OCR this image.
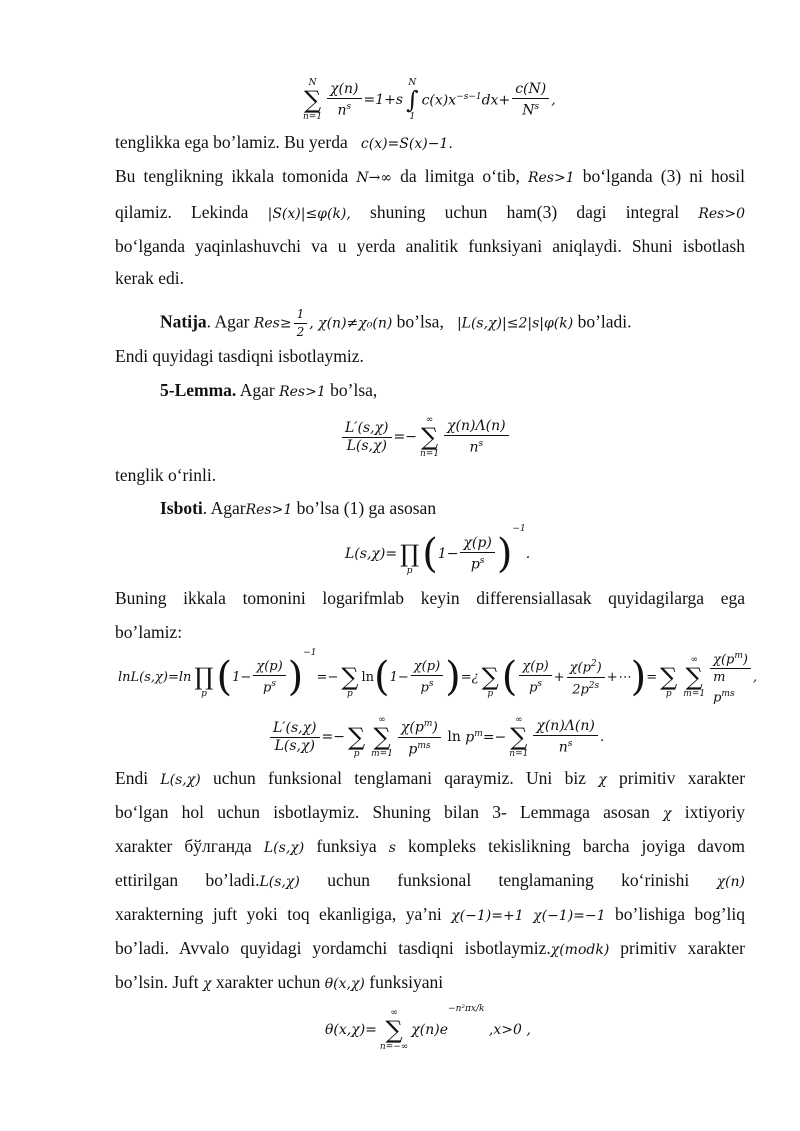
N
∑
$n=1 \frac{\chi(n)}{n^s} =1+s$
N
∫
1
$c(x)x^{-s-1}dx+ \frac{c(N)}{N^s}$ ,
tenglikka ega bo’lamiz. Bu yerda c(x)=S(x)−1.
Bu tenglikning ikkala tomonida N→∞ da limitga oʻtib, Res>1 boʻlganda (3) ni hosil
qilamiz. Lekinda |S(x)|≤φ(k), shuning uchun ham(3) dagi integral Res>0
boʻlganda yaqinlashuvchi va u yerda analitik funksiyani aniqlaydi. Shuni isbotlash
kerak edi.
Natija. Agar $Res\ge \frac{1}{2}$ , χ(n)≠χ₀(n) bo’lsa, |L(s,χ)|≤2|s|φ(k) bo’ladi.
Endi quyidagi tasdiqni isbotlaymiz.
5-Lemma. Agar Res>1 bo’lsa,
$\frac{L'(s,\chi)}{L(s,\chi)}$ =−
∞
∑
$n=1 \frac{\chi(n)\Lambda(n)}{n^s}$
tenglik oʻrinli.
Isboti. AgarRes>1 bo’lsa (1) ga asosan
L(s,χ)=
∏
p ( $1- \frac{\chi(p)}{p^s}$ )
−1
.
Buning ikkala tomonini logarifmlab keyin differensiallasak quyidagilarga ega
bo’lamiz:
lnL(s,χ)=ln
∏
p ( $1- \frac{\chi(p)}{p^s}$ )
$^{-1}$
=−
∑
p
ln ( $1- \frac{\chi(p)}{p^s}$ ) =¿
∑
p ( $\frac{\chi(p)}{p^s} + \frac{\chi(p^2)}{2p^{2s}}$ +⋯ ) =
∑
p
∞
∑
$m=1 \frac{\chi(p^m)}{m p^{ms}}$ ,
$\frac{L'(s,\chi)}{L(s,\chi)}$ =−
∑
p
∞
∑
$m=1 \frac{\chi(p^m)}{p^{ms}}$ $\ln p^m=-$
∞
∑
$n=1 \frac{\chi(n)\Lambda(n)}{n^s}$ .
Endi L(s,χ) uchun funksional tenglamani qaraymiz. Uni biz χ primitiv xarakter
boʻlgan hol uchun isbotlaymiz. Shuning bilan 3- Lemmaga asosan χ ixtiyoriy
xarakter бўлганда L(s,χ) funksiya s kompleks tekislikning barcha joyiga davom
ettirilgan bo’ladi.L(s,χ) uchun funksional tenglamaning koʻrinishi χ(n)
xarakterning juft yoki toq ekanligiga, ya’ni χ(−1)=+1 χ(−1)=−1 bo’lishiga bog’liq
bo’ladi. Avvalo quyidagi yordamchi tasdiqni isbotlaymiz.χ(modk) primitiv xarakter
bo’lsin. Juft χ xarakter uchun θ(x,χ) funksiyani
θ(x,χ)=
∞
∑
n=−∞
χ(n)e
−n²πx/k
,x>0 ,
